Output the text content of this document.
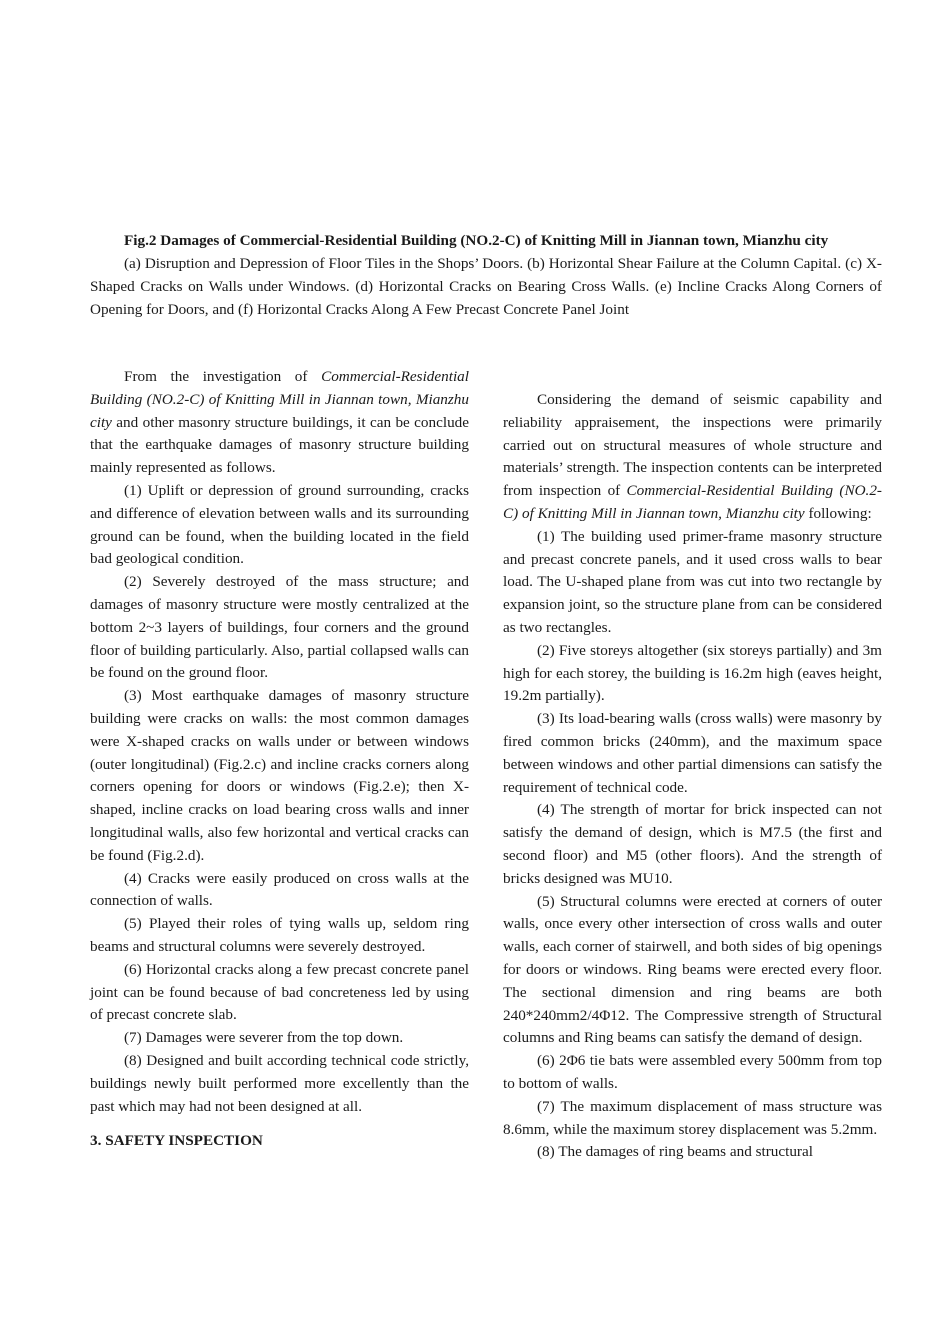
Fig.2 Damages of Commercial-Residential Building (NO.2-C) of Knitting Mill in Jiannan town, Mianzhu city

(a) Disruption and Depression of Floor Tiles in the Shops’ Doors. (b) Horizontal Shear Failure at the Column Capital. (c) X-Shaped Cracks on Walls under Windows. (d) Horizontal Cracks on Bearing Cross Walls. (e) Incline Cracks Along Corners of Opening for Doors, and (f) Horizontal Cracks Along A Few Precast Concrete Panel Joint

From the investigation of Commercial-Residential Building (NO.2-C) of Knitting Mill in Jiannan town, Mianzhu city and other masonry structure buildings, it can be conclude that the earthquake damages of masonry structure building mainly represented as follows.

(1) Uplift or depression of ground surrounding, cracks and difference of elevation between walls and its surrounding ground can be found, when the building located in the field bad geological condition.

(2) Severely destroyed of the mass structure; and damages of masonry structure were mostly centralized at the bottom 2~3 layers of buildings, four corners and the ground floor of building particularly. Also, partial collapsed walls can be found on the ground floor.

(3) Most earthquake damages of masonry structure building were cracks on walls: the most common damages were X-shaped cracks on walls under or between windows (outer longitudinal) (Fig.2.c) and incline cracks corners along corners opening for doors or windows (Fig.2.e); then X-shaped, incline cracks on load bearing cross walls and inner longitudinal walls, also few horizontal and vertical cracks can be found (Fig.2.d).

(4) Cracks were easily produced on cross walls at the connection of walls.

(5) Played their roles of tying walls up, seldom ring beams and structural columns were severely destroyed.

(6) Horizontal cracks along a few precast concrete panel joint can be found because of bad concreteness led by using of precast concrete slab.

(7) Damages were severer from the top down.

(8) Designed and built according technical code strictly, buildings newly built performed more excellently than the past which may had not been designed at all.

3. SAFETY INSPECTION

Considering the demand of seismic capability and reliability appraisement, the inspections were primarily carried out on structural measures of whole structure and materials’ strength. The inspection contents can be interpreted from inspection of Commercial-Residential Building (NO.2-C) of Knitting Mill in Jiannan town, Mianzhu city following:

(1) The building used primer-frame masonry structure and precast concrete panels, and it used cross walls to bear load. The U-shaped plane from was cut into two rectangle by expansion joint, so the structure plane from can be considered as two rectangles.

(2) Five storeys altogether (six storeys partially) and 3m high for each storey, the building is 16.2m high (eaves height, 19.2m partially).

(3) Its load-bearing walls (cross walls) were masonry by fired common bricks (240mm), and the maximum space between windows and other partial dimensions can satisfy the requirement of technical code.

(4) The strength of mortar for brick inspected can not satisfy the demand of design, which is M7.5 (the first and second floor) and M5 (other floors). And the strength of bricks designed was MU10.

(5) Structural columns were erected at corners of outer walls, once every other intersection of cross walls and outer walls, each corner of stairwell, and both sides of big openings for doors or windows. Ring beams were erected every floor. The sectional dimension and ring beams are both 240*240mm2/4Φ12. The Compressive strength of Structural columns and Ring beams can satisfy the demand of design.

(6) 2Φ6 tie bats were assembled every 500mm from top to bottom of walls.

(7) The maximum displacement of mass structure was 8.6mm, while the maximum storey displacement was 5.2mm.

(8) The damages of ring beams and structural
